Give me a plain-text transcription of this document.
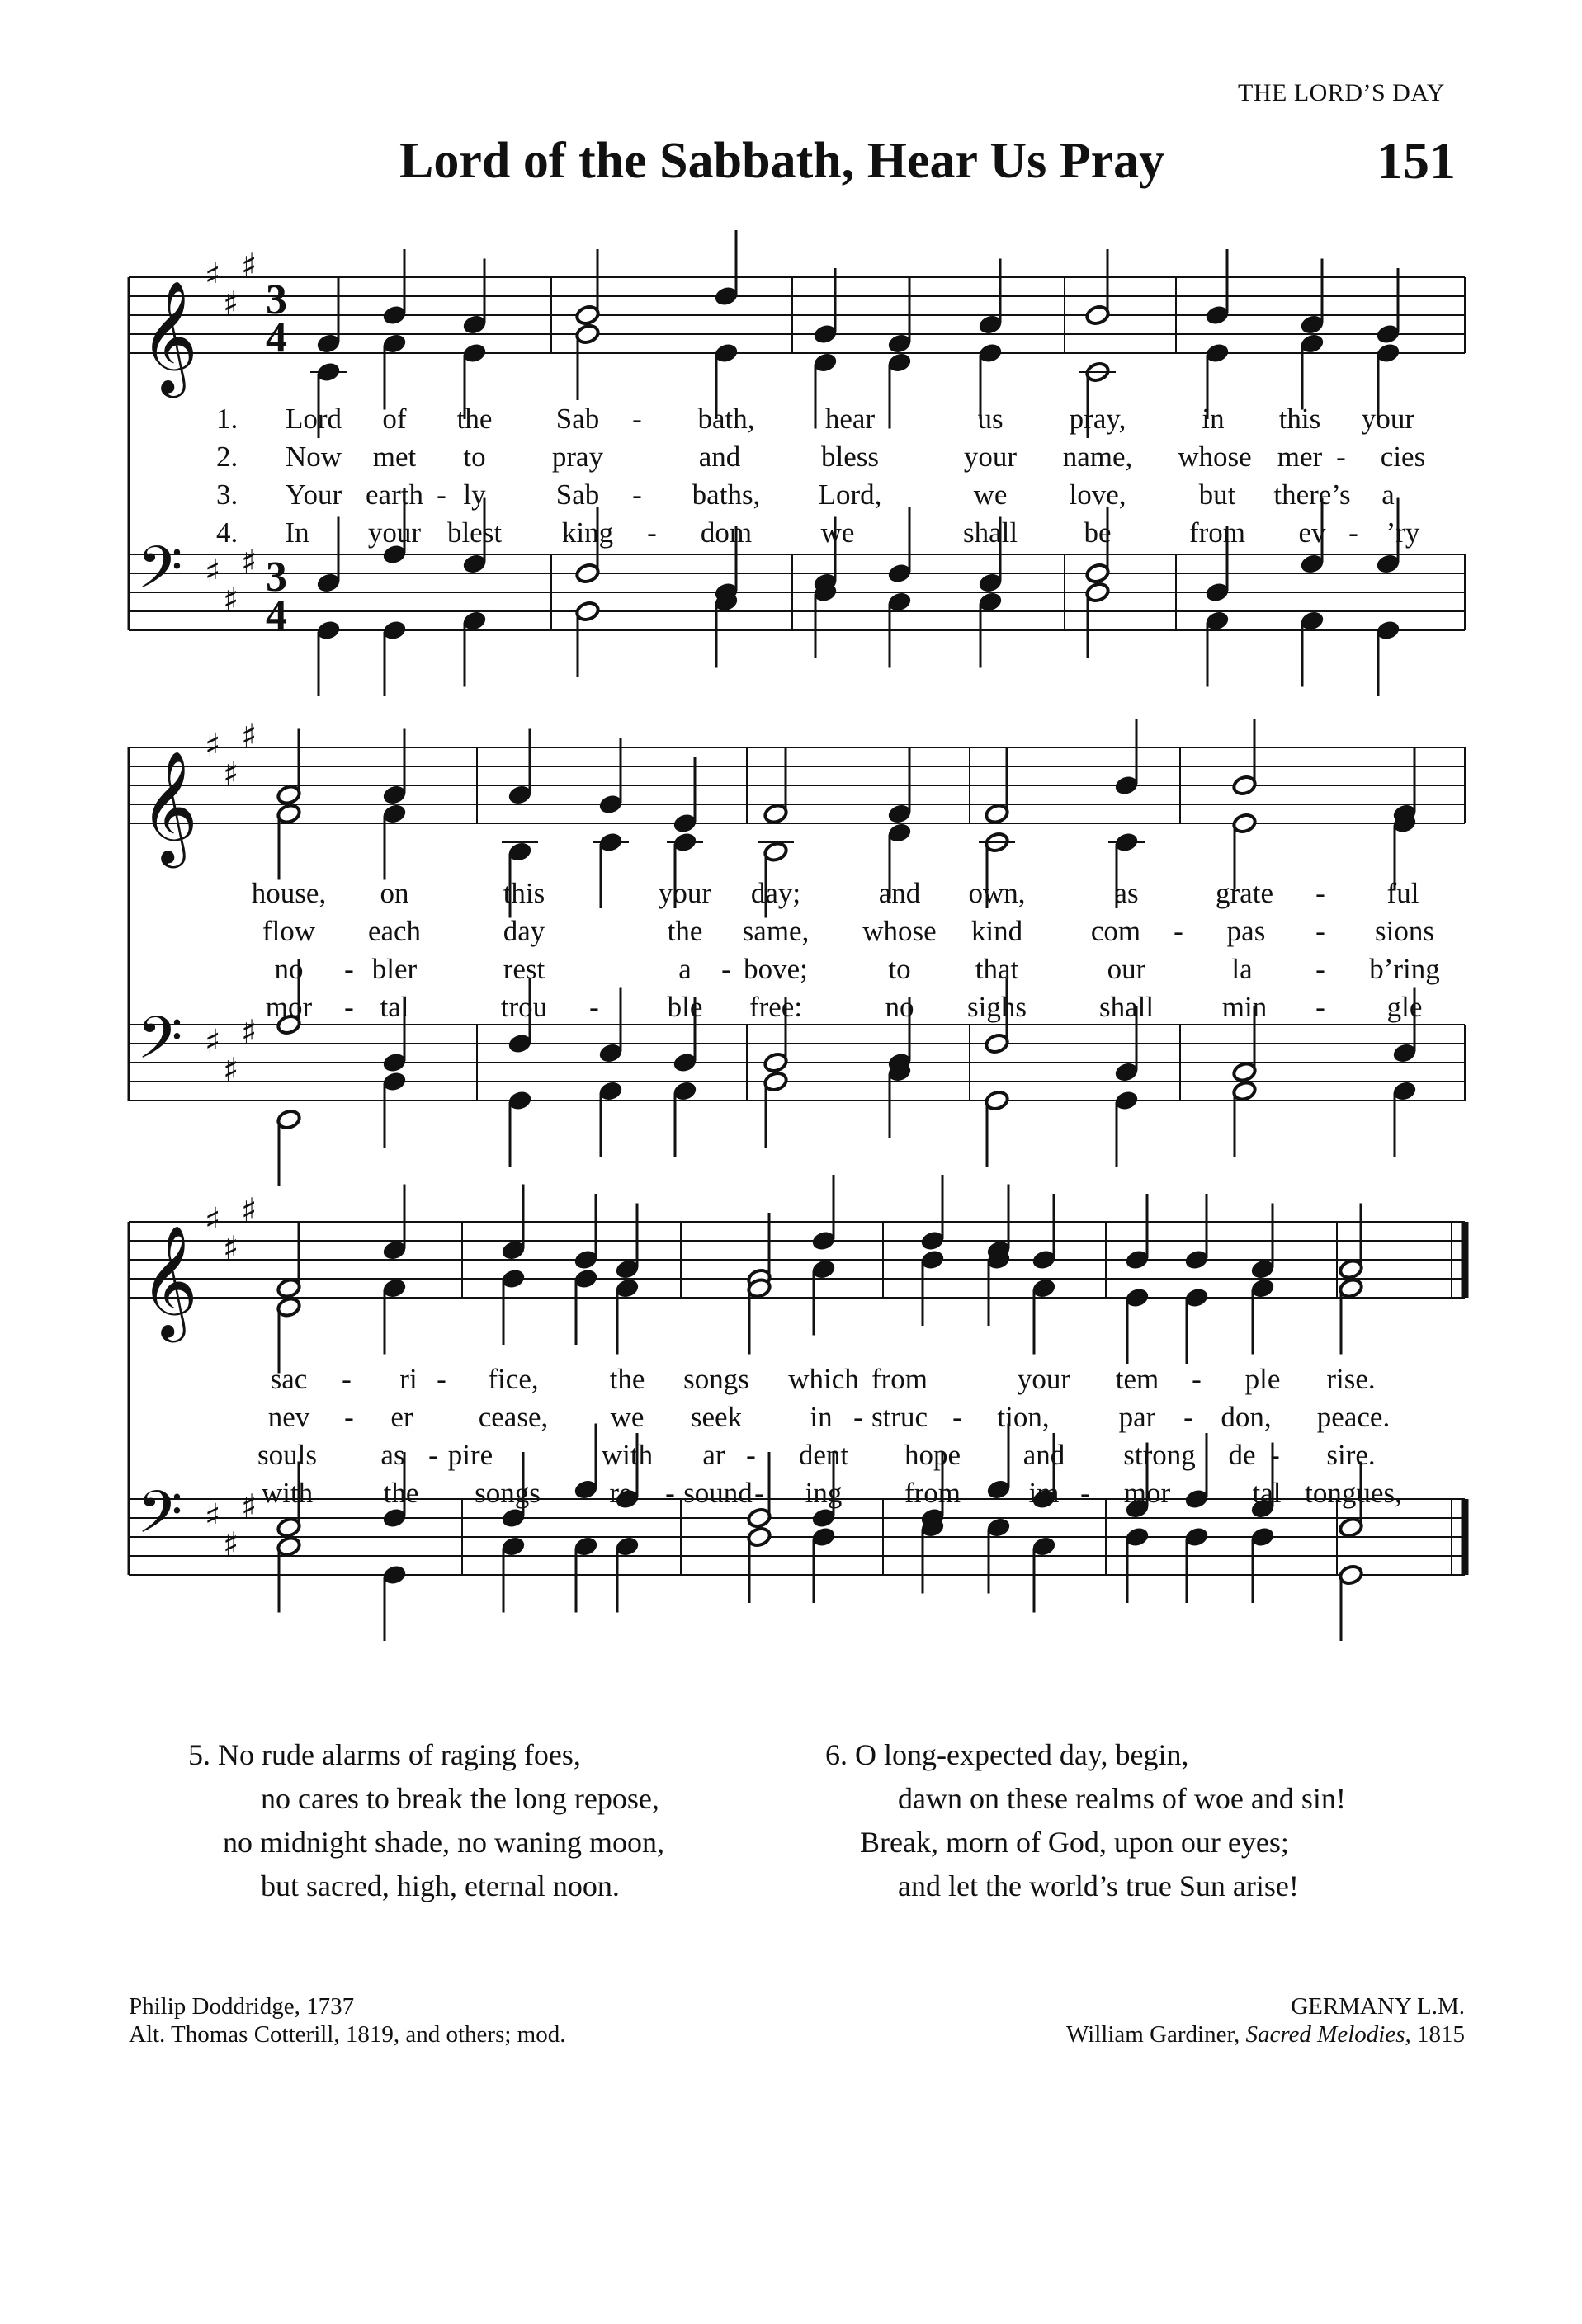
THE LORD’S DAY
Lord of the Sabbath, Hear Us Pray	151
𝄞
𝄢
♯
♯
♯
♯
♯
♯
3
4
3
4
𝄞
𝄢
♯
♯
♯
♯
♯
♯
𝄞
𝄢
♯
♯
♯
♯
♯
♯
1. Lord of the Sab - bath, hear	us pray,	in this your
2. Now met to pray	and	bless	your name, whose mer - cies
3. Your earth - ly Sab - baths, Lord,	we love,	but there’s a
4. In your blest king - dom we	shall be	from ev - ’ry
house, on	this	your day;	and own,	as	grate - ful
flow each	day	the same, whose kind com - pas - sions
no - bler	rest	a - bove;	to that	our	la - b’ring
mor - tal	trou - ble free:	no sighs	shall min - gle
sac - ri - fice, the songs which from	your tem - ple rise.
nev - er cease, we seek in - struc - tion, par - don, peace.
souls as - pire	with ar - dent hope and strong de - sire.
with the songs re - sound - ing from im - mor - tal tongues,
5. No rude alarms of raging foes,
no cares to break the long repose,
no midnight shade, no waning moon,
but sacred, high, eternal noon.
6. O long-expected day, begin,
dawn on these realms of woe and sin!
Break, morn of God, upon our eyes;
and let the world’s true Sun arise!
Philip Doddridge, 1737
Alt. Thomas Cotterill, 1819, and others; mod.
GERMANY L.M.
William Gardiner, Sacred Melodies, 1815
